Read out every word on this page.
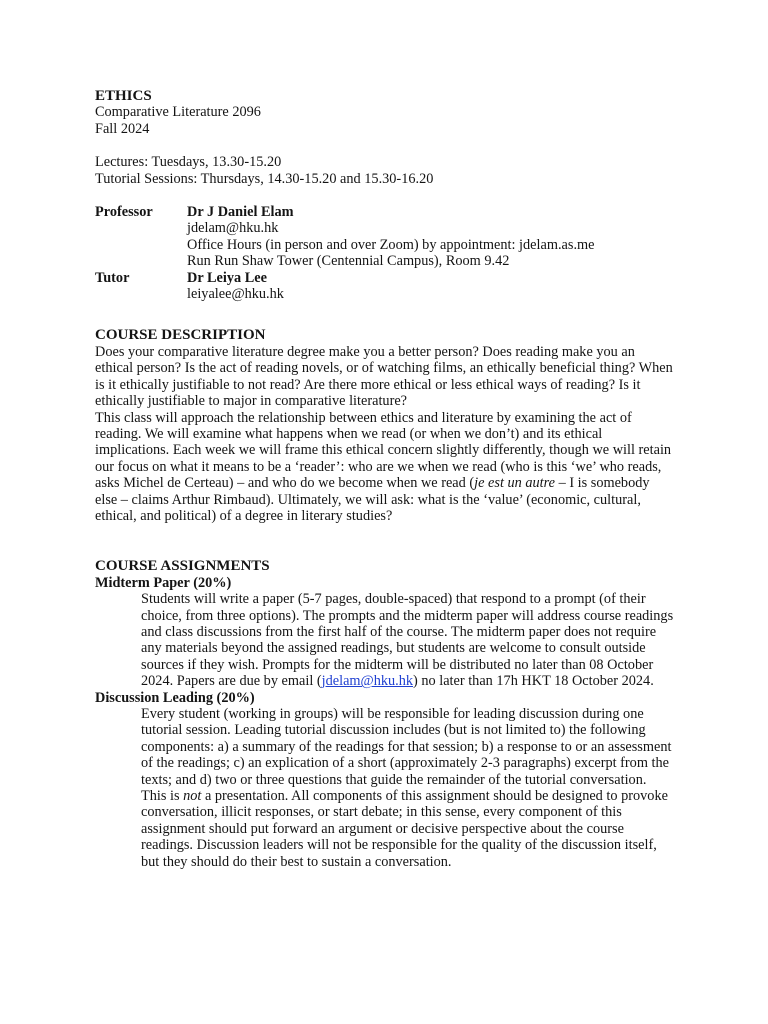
ETHICS

Comparative Literature 2096

Fall 2024

Lectures: Tuesdays, 13.30-15.20

Tutorial Sessions: Thursdays, 14.30-15.20 and 15.30-16.20

Professor	Dr J Daniel Elam

jdelam@hku.hk

Office Hours (in person and over Zoom) by appointment: jdelam.as.me

Run Run Shaw Tower (Centennial Campus), Room 9.42

Tutor	Dr Leiya Lee

leiyalee@hku.hk

COURSE DESCRIPTION

Does your comparative literature degree make you a better person? Does reading make you an ethical person? Is the act of reading novels, or of watching films, an ethically beneficial thing? When is it ethically justifiable to not read? Are there more ethical or less ethical ways of reading? Is it ethically justifiable to major in comparative literature?

This class will approach the relationship between ethics and literature by examining the act of reading. We will examine what happens when we read (or when we don’t) and its ethical implications. Each week we will frame this ethical concern slightly differently, though we will retain our focus on what it means to be a ‘reader’: who are we when we read (who is this ‘we’ who reads, asks Michel de Certeau) – and who do we become when we read (je est un autre – I is somebody else – claims Arthur Rimbaud). Ultimately, we will ask: what is the ‘value’ (economic, cultural, ethical, and political) of a degree in literary studies?

COURSE ASSIGNMENTS
Midterm Paper (20%)

Students will write a paper (5-7 pages, double-spaced) that respond to a prompt (of their choice, from three options). The prompts and the midterm paper will address course readings and class discussions from the first half of the course. The midterm paper does not require any materials beyond the assigned readings, but students are welcome to consult outside sources if they wish. Prompts for the midterm will be distributed no later than 08 October 2024. Papers are due by email (jdelam@hku.hk) no later than 17h HKT 18 October 2024.

Discussion Leading (20%)

Every student (working in groups) will be responsible for leading discussion during one tutorial session. Leading tutorial discussion includes (but is not limited to) the following components: a) a summary of the readings for that session; b) a response to or an assessment of the readings; c) an explication of a short (approximately 2-3 paragraphs) excerpt from the texts; and d) two or three questions that guide the remainder of the tutorial conversation. This is not a presentation. All components of this assignment should be designed to provoke conversation, illicit responses, or start debate; in this sense, every component of this assignment should put forward an argument or decisive perspective about the course readings. Discussion leaders will not be responsible for the quality of the discussion itself, but they should do their best to sustain a conversation.
